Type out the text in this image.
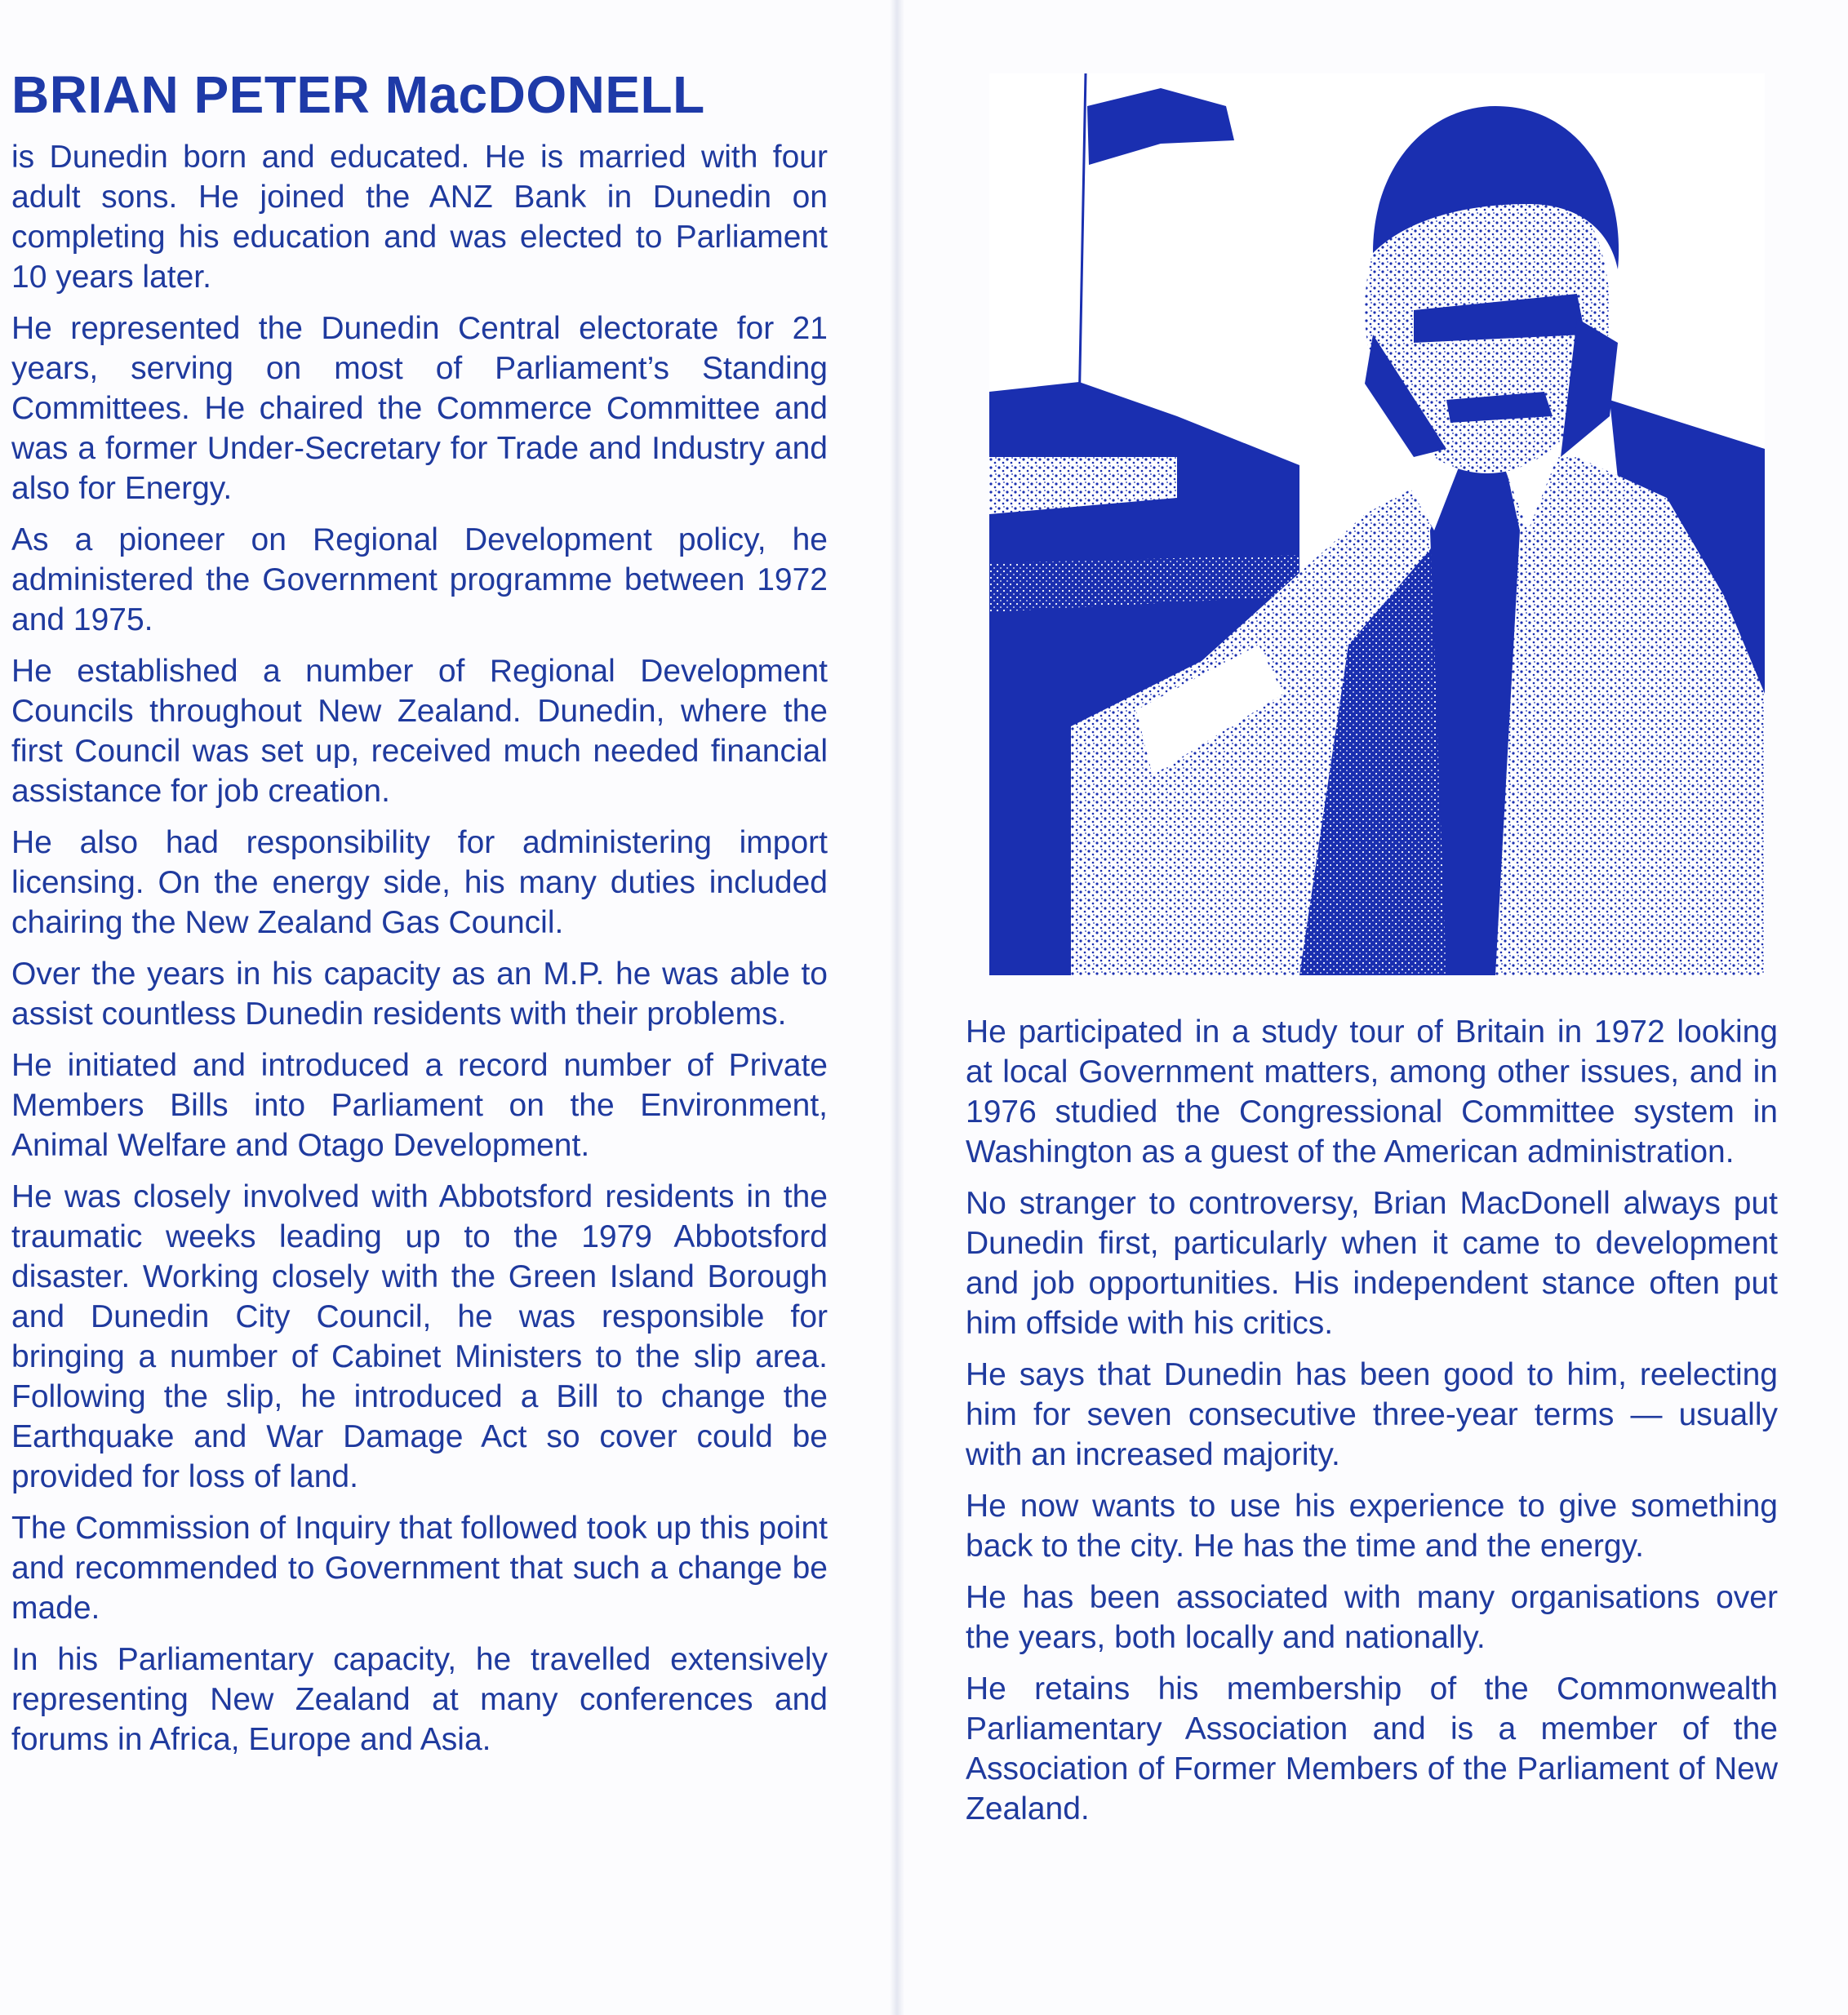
BRIAN PETER MacDONELL

is Dunedin born and educated. He is married with four adult sons. He joined the ANZ Bank in Dunedin on completing his education and was elected to Parliament 10 years later.

He represented the Dunedin Central electorate for 21 years, serving on most of Parliament’s Standing Committees. He chaired the Commerce Committee and was a former Under-Secretary for Trade and Industry and also for Energy.

As a pioneer on Regional Development policy, he administered the Government programme between 1972 and 1975.

He established a number of Regional Development Councils throughout New Zealand. Dunedin, where the first Council was set up, received much needed financial assistance for job creation.

He also had responsibility for administering import licensing. On the energy side, his many duties included chairing the New Zealand Gas Council.

Over the years in his capacity as an M.P. he was able to assist countless Dunedin residents with their problems.

He initiated and introduced a record number of Private Members Bills into Parliament on the Environment, Animal Welfare and Otago Development.

He was closely involved with Abbotsford residents in the traumatic weeks leading up to the 1979 Abbotsford disaster. Working closely with the Green Island Borough and Dunedin City Council, he was responsible for bringing a number of Cabinet Ministers to the slip area. Following the slip, he introduced a Bill to change the Earthquake and War Damage Act so cover could be provided for loss of land.

The Commission of Inquiry that followed took up this point and recommended to Government that such a change be made.

In his Parliamentary capacity, he travelled extensively representing New Zealand at many conferences and forums in Africa, Europe and Asia.

He participated in a study tour of Britain in 1972 looking at local Government matters, among other issues, and in 1976 studied the Congressional Committee system in Washington as a guest of the American administration.

No stranger to controversy, Brian MacDonell always put Dunedin first, particularly when it came to development and job opportunities. His independent stance often put him offside with his critics.

He says that Dunedin has been good to him, reelecting him for seven consecutive three-year terms — usually with an increased majority.

He now wants to use his experience to give something back to the city. He has the time and the energy.

He has been associated with many organisations over the years, both locally and nationally.

He retains his membership of the Commonwealth Parliamentary Association and is a member of the Association of Former Members of the Parliament of New Zealand.
